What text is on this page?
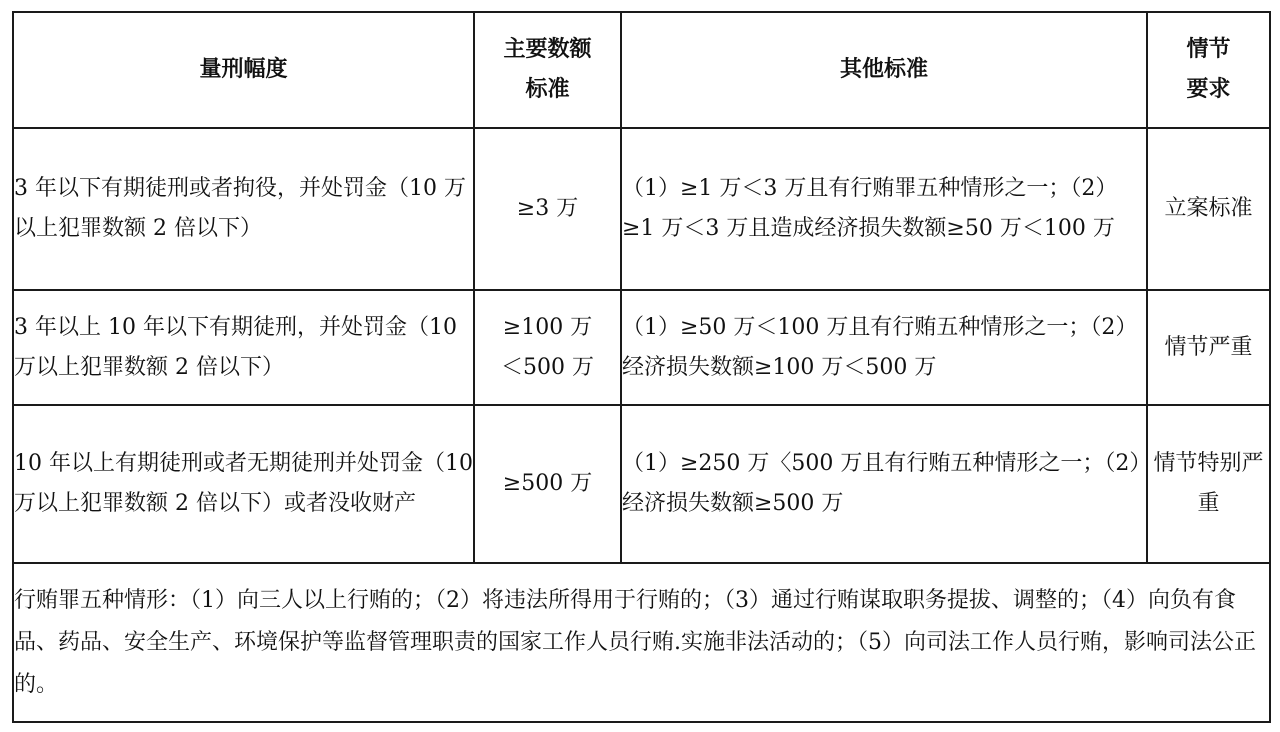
量刑幅度	主要数额标准	其他标准	情节要求

3 年以下有期徒刑或者拘役，并处罚金（10 万以上犯罪数额 2 倍以下）	≥3 万	（1）≥1 万＜3 万且有行贿罪五种情形之一；（2）≥1 万＜3 万且造成经济损失数额≥50 万＜100 万	立案标准

3 年以上 10 年以下有期徒刑，并处罚金（10 万以上犯罪数额 2 倍以下）	≥100 万＜500 万	（1）≥50 万＜100 万且有行贿五种情形之一；（2）经济损失数额≥100 万＜500 万	情节严重

10 年以上有期徒刑或者无期徒刑并处罚金（10 万以上犯罪数额 2 倍以下）或者没收财产	≥500 万	（1）≥250 万〈500 万且有行贿五种情形之一；（2）经济损失数额≥500 万	情节特别严重

行贿罪五种情形：（1）向三人以上行贿的；（2）将违法所得用于行贿的；（3）通过行贿谋取职务提拔、调整的；（4）向负有食品、药品、安全生产、环境保护等监督管理职责的国家工作人员行贿.实施非法活动的；（5）向司法工作人员行贿，影响司法公正的。			
